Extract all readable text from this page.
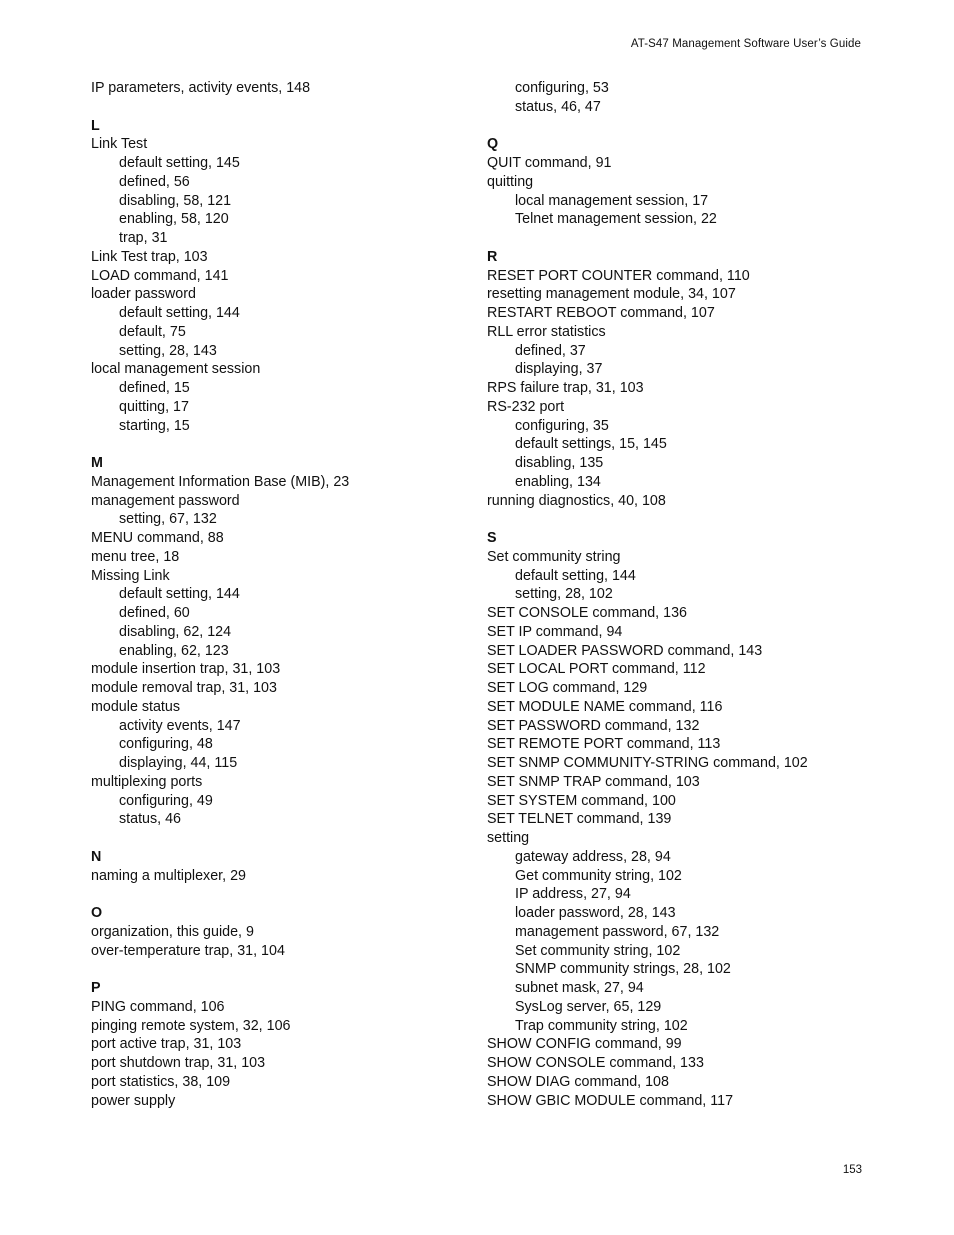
AT-S47 Management Software User’s Guide
IP parameters, activity events, 148
L
Link Test
default setting, 145
defined, 56
disabling, 58, 121
enabling, 58, 120
trap, 31
Link Test trap, 103
LOAD command, 141
loader password
default setting, 144
default, 75
setting, 28, 143
local management session
defined, 15
quitting, 17
starting, 15
M
Management Information Base (MIB), 23
management password
setting, 67, 132
MENU command, 88
menu tree, 18
Missing Link
default setting, 144
defined, 60
disabling, 62, 124
enabling, 62, 123
module insertion trap, 31, 103
module removal trap, 31, 103
module status
activity events, 147
configuring, 48
displaying, 44, 115
multiplexing ports
configuring, 49
status, 46
N
naming a multiplexer, 29
O
organization, this guide, 9
over-temperature trap, 31, 104
P
PING command, 106
pinging remote system, 32, 106
port active trap, 31, 103
port shutdown trap, 31, 103
port statistics, 38, 109
power supply
configuring, 53
status, 46, 47
Q
QUIT command, 91
quitting
local management session, 17
Telnet management session, 22
R
RESET PORT COUNTER command, 110
resetting management module, 34, 107
RESTART REBOOT command, 107
RLL error statistics
defined, 37
displaying, 37
RPS failure trap, 31, 103
RS-232 port
configuring, 35
default settings, 15, 145
disabling, 135
enabling, 134
running diagnostics, 40, 108
S
Set community string
default setting, 144
setting, 28, 102
SET CONSOLE command, 136
SET IP command, 94
SET LOADER PASSWORD command, 143
SET LOCAL PORT command, 112
SET LOG command, 129
SET MODULE NAME command, 116
SET PASSWORD command, 132
SET REMOTE PORT command, 113
SET SNMP COMMUNITY-STRING command, 102
SET SNMP TRAP command, 103
SET SYSTEM command, 100
SET TELNET command, 139
setting
gateway address, 28, 94
Get community string, 102
IP address, 27, 94
loader password, 28, 143
management password, 67, 132
Set community string, 102
SNMP community strings, 28, 102
subnet mask, 27, 94
SysLog server, 65, 129
Trap community string, 102
SHOW CONFIG command, 99
SHOW CONSOLE command, 133
SHOW DIAG command, 108
SHOW GBIC MODULE command, 117
153
